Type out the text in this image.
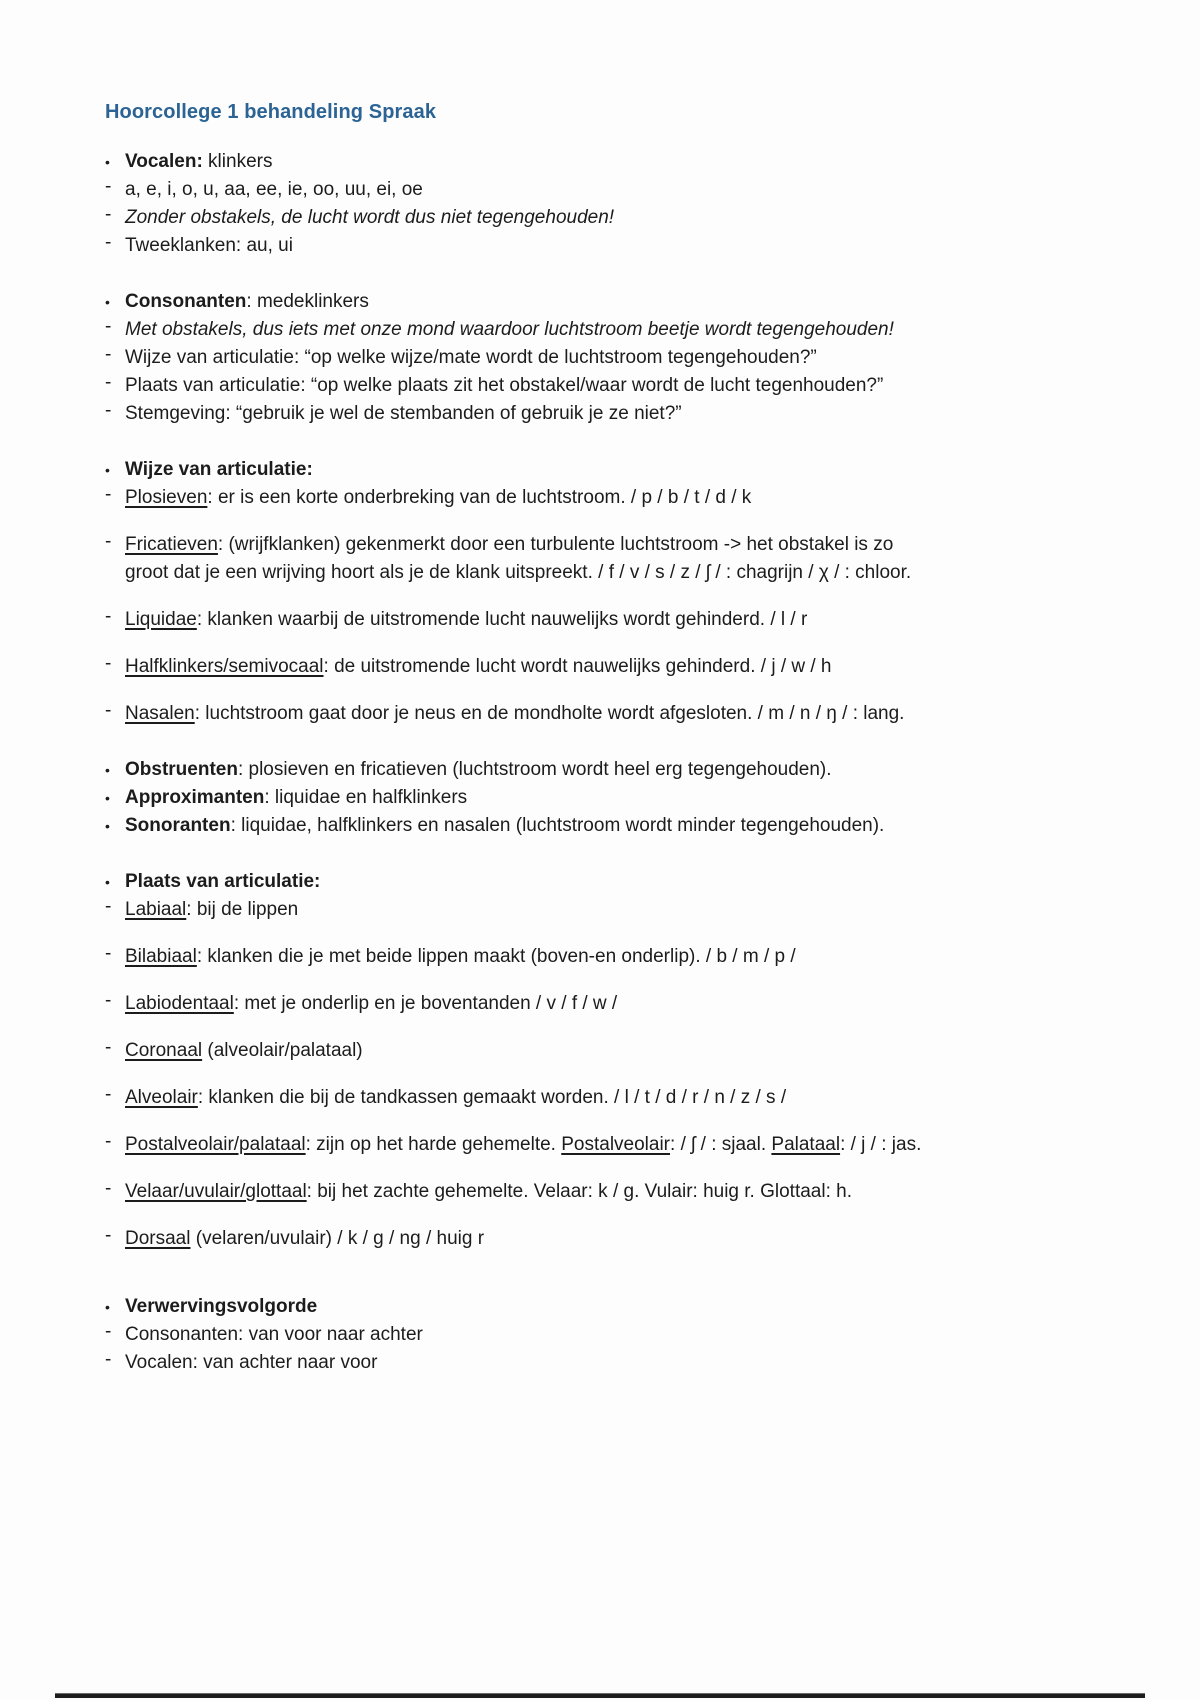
Hoorcollege 1 behandeling Spraak
• Vocalen: klinkers
- a, e, i, o, u, aa, ee, ie, oo, uu, ei, oe
- Zonder obstakels, de lucht wordt dus niet tegengehouden!
- Tweeklanken: au, ui
• Consonanten: medeklinkers
- Met obstakels, dus iets met onze mond waardoor luchtstroom beetje wordt tegengehouden!
- Wijze van articulatie: “op welke wijze/mate wordt de luchtstroom tegengehouden?”
- Plaats van articulatie: “op welke plaats zit het obstakel/waar wordt de lucht tegenhouden?”
- Stemgeving: “gebruik je wel de stembanden of gebruik je ze niet?”
• Wijze van articulatie:
- Plosieven: er is een korte onderbreking van de luchtstroom. / p / b / t / d / k
- Fricatieven: (wrijfklanken) gekenmerkt door een turbulente luchtstroom -> het obstakel is zo
groot dat je een wrijving hoort als je de klank uitspreekt. / f / v / s / z / ʃ / : chagrijn / χ / : chloor.
- Liquidae: klanken waarbij de uitstromende lucht nauwelijks wordt gehinderd. / l / r
- Halfklinkers/semivocaal: de uitstromende lucht wordt nauwelijks gehinderd. / j / w / h
- Nasalen: luchtstroom gaat door je neus en de mondholte wordt afgesloten. / m / n / ŋ / : lang.
• Obstruenten: plosieven en fricatieven (luchtstroom wordt heel erg tegengehouden).
• Approximanten: liquidae en halfklinkers
• Sonoranten: liquidae, halfklinkers en nasalen (luchtstroom wordt minder tegengehouden).
• Plaats van articulatie:
- Labiaal: bij de lippen
- Bilabiaal: klanken die je met beide lippen maakt (boven-en onderlip). / b / m / p /
- Labiodentaal: met je onderlip en je boventanden / v / f / w /
- Coronaal (alveolair/palataal)
- Alveolair: klanken die bij de tandkassen gemaakt worden. / l / t / d / r / n / z / s /
- Postalveolair/palataal: zijn op het harde gehemelte. Postalveolair: / ʃ / : sjaal. Palataal: / j / : jas.
- Velaar/uvulair/glottaal: bij het zachte gehemelte. Velaar: k / g. Vulair: huig r. Glottaal: h.
- Dorsaal (velaren/uvulair) / k / g / ng / huig r
• Verwervingsvolgorde
- Consonanten: van voor naar achter
- Vocalen: van achter naar voor
